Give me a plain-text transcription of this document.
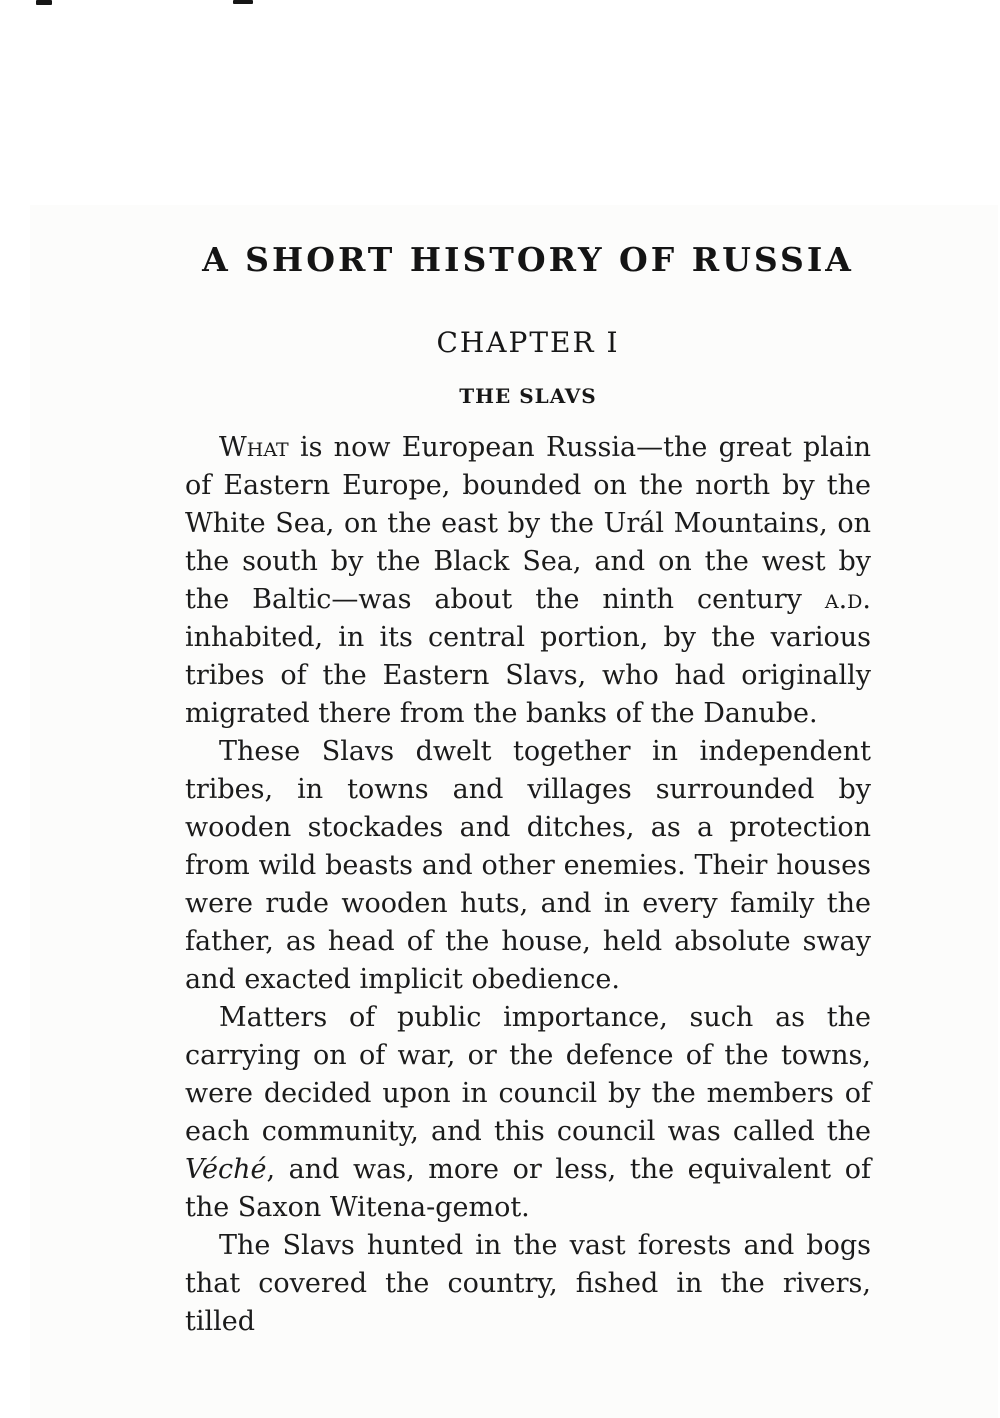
A SHORT HISTORY OF RUSSIA
CHAPTER I
THE SLAVS

What is now European Russia—the great plain of Eastern Europe, bounded on the north by the White Sea, on the east by the Urál Mountains, on the south by the Black Sea, and on the west by the Baltic—was about the ninth century a.d. inhabited, in its central portion, by the various tribes of the Eastern Slavs, who had originally migrated there from the banks of the Danube.

These Slavs dwelt together in independent tribes, in towns and villages surrounded by wooden stockades and ditches, as a protection from wild beasts and other enemies. Their houses were rude wooden huts, and in every family the father, as head of the house, held absolute sway and exacted implicit obedience.

Matters of public importance, such as the carrying on of war, or the defence of the towns, were decided upon in council by the members of each community, and this council was called the Véché, and was, more or less, the equivalent of the Saxon Witena-gemot.

The Slavs hunted in the vast forests and bogs that covered the country, fished in the rivers, tilled
